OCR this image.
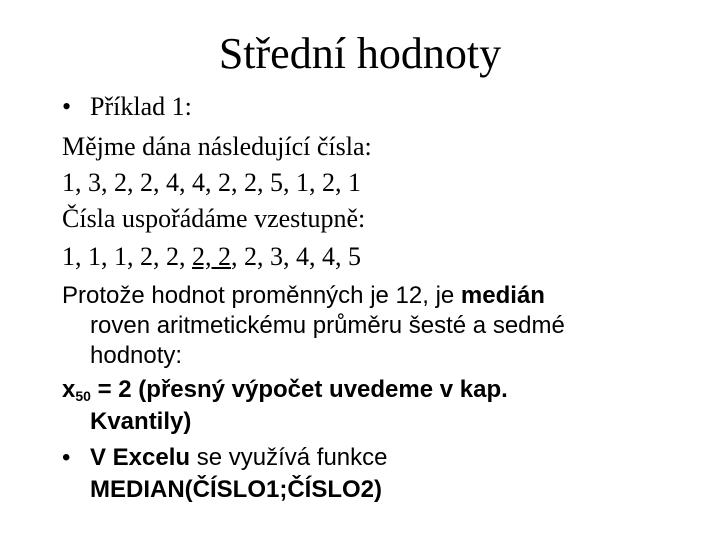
Střední hodnoty
• Příklad 1:
Mějme dána následující čísla:
1, 3, 2, 2, 4, 4, 2, 2, 5, 1, 2, 1
Čísla uspořádáme vzestupně:
1, 1, 1, 2, 2, 2, 2, 2, 3, 4, 4, 5
Protože hodnot proměnných je 12, je medián
roven aritmetickému průměru šesté a sedmé
hodnoty:
$x_{50} = 2$ (přesný výpočet uvedeme v kap.
Kvantily)
• V Excelu se využívá funkce
MEDIAN(ČÍSLO1;ČÍSLO2)
